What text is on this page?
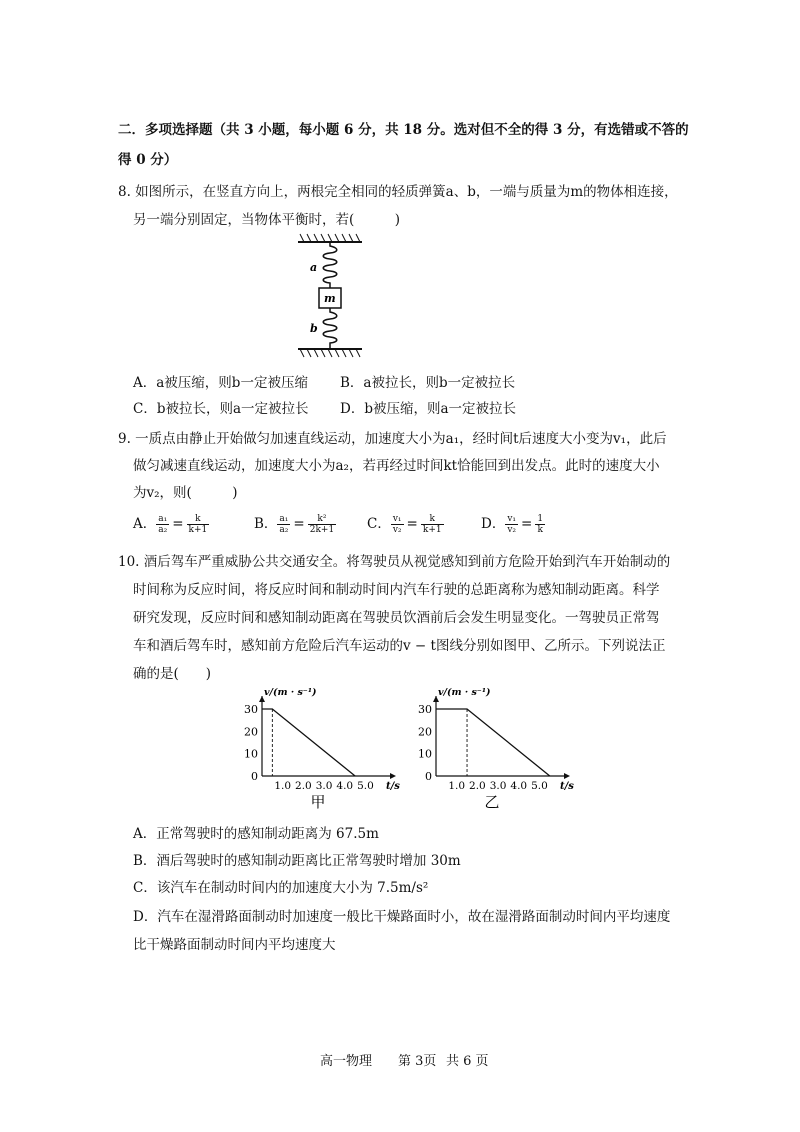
二．多项选择题（共 3 小题，每小题 6 分，共 18 分。选对但不全的得 3 分，有选错或不答的
得 0 分）
8. 如图所示，在竖直方向上，两根完全相同的轻质弹簧a、b，一端与质量为m的物体相连接，
另一端分别固定，当物体平衡时，若(　　　)
a
m
b
A．a被压缩，则b一定被压缩 B．a被拉长，则b一定被拉长
C．b被拉长，则a一定被拉长 D．b被压缩，则a一定被拉长
9. 一质点由静止开始做匀加速直线运动，加速度大小为a₁，经时间t后速度大小变为v₁，此后
做匀减速直线运动，加速度大小为a₂，若再经过时间kt恰能回到出发点。此时的速度大小
为v₂，则(　　　)
A． $\frac{\text{a₁}}{\text{a₂}} = \frac{k}{k+1}$	B． $\frac{\text{a₁}}{\text{a₂}} = \frac{\text{k²}}{2k+1}$ C． $\frac{\text{v₁}}{\text{v₂}} = \frac{k}{k+1}$	D． $\frac{\text{v₁}}{\text{v₂}} = \frac{1}{k}$
10. 酒后驾车严重威胁公共交通安全。将驾驶员从视觉感知到前方危险开始到汽车开始制动的
时间称为反应时间，将反应时间和制动时间内汽车行驶的总距离称为感知制动距离。科学
研究发现，反应时间和感知制动距离在驾驶员饮酒前后会发生明显变化。一驾驶员正常驾
车和酒后驾车时，感知前方危险后汽车运动的v − t图线分别如图甲、乙所示。下列说法正
确的是(　　)
v/(m · s⁻¹)
t/s
0
10
20
30
1.0 2.0 3.0 4.0 5.0
甲
v/(m · s⁻¹)
t/s
0
10
20
30
1.0 2.0 3.0 4.0 5.0
乙
A．正常驾驶时的感知制动距离为 67.5m
B．酒后驾驶时的感知制动距离比正常驾驶时增加 30m
C．该汽车在制动时间内的加速度大小为 7.5m/s²
D．汽车在湿滑路面制动时加速度一般比干燥路面时小，故在湿滑路面制动时间内平均速度
比干燥路面制动时间内平均速度大
高一物理 第 3页 共 6 页
